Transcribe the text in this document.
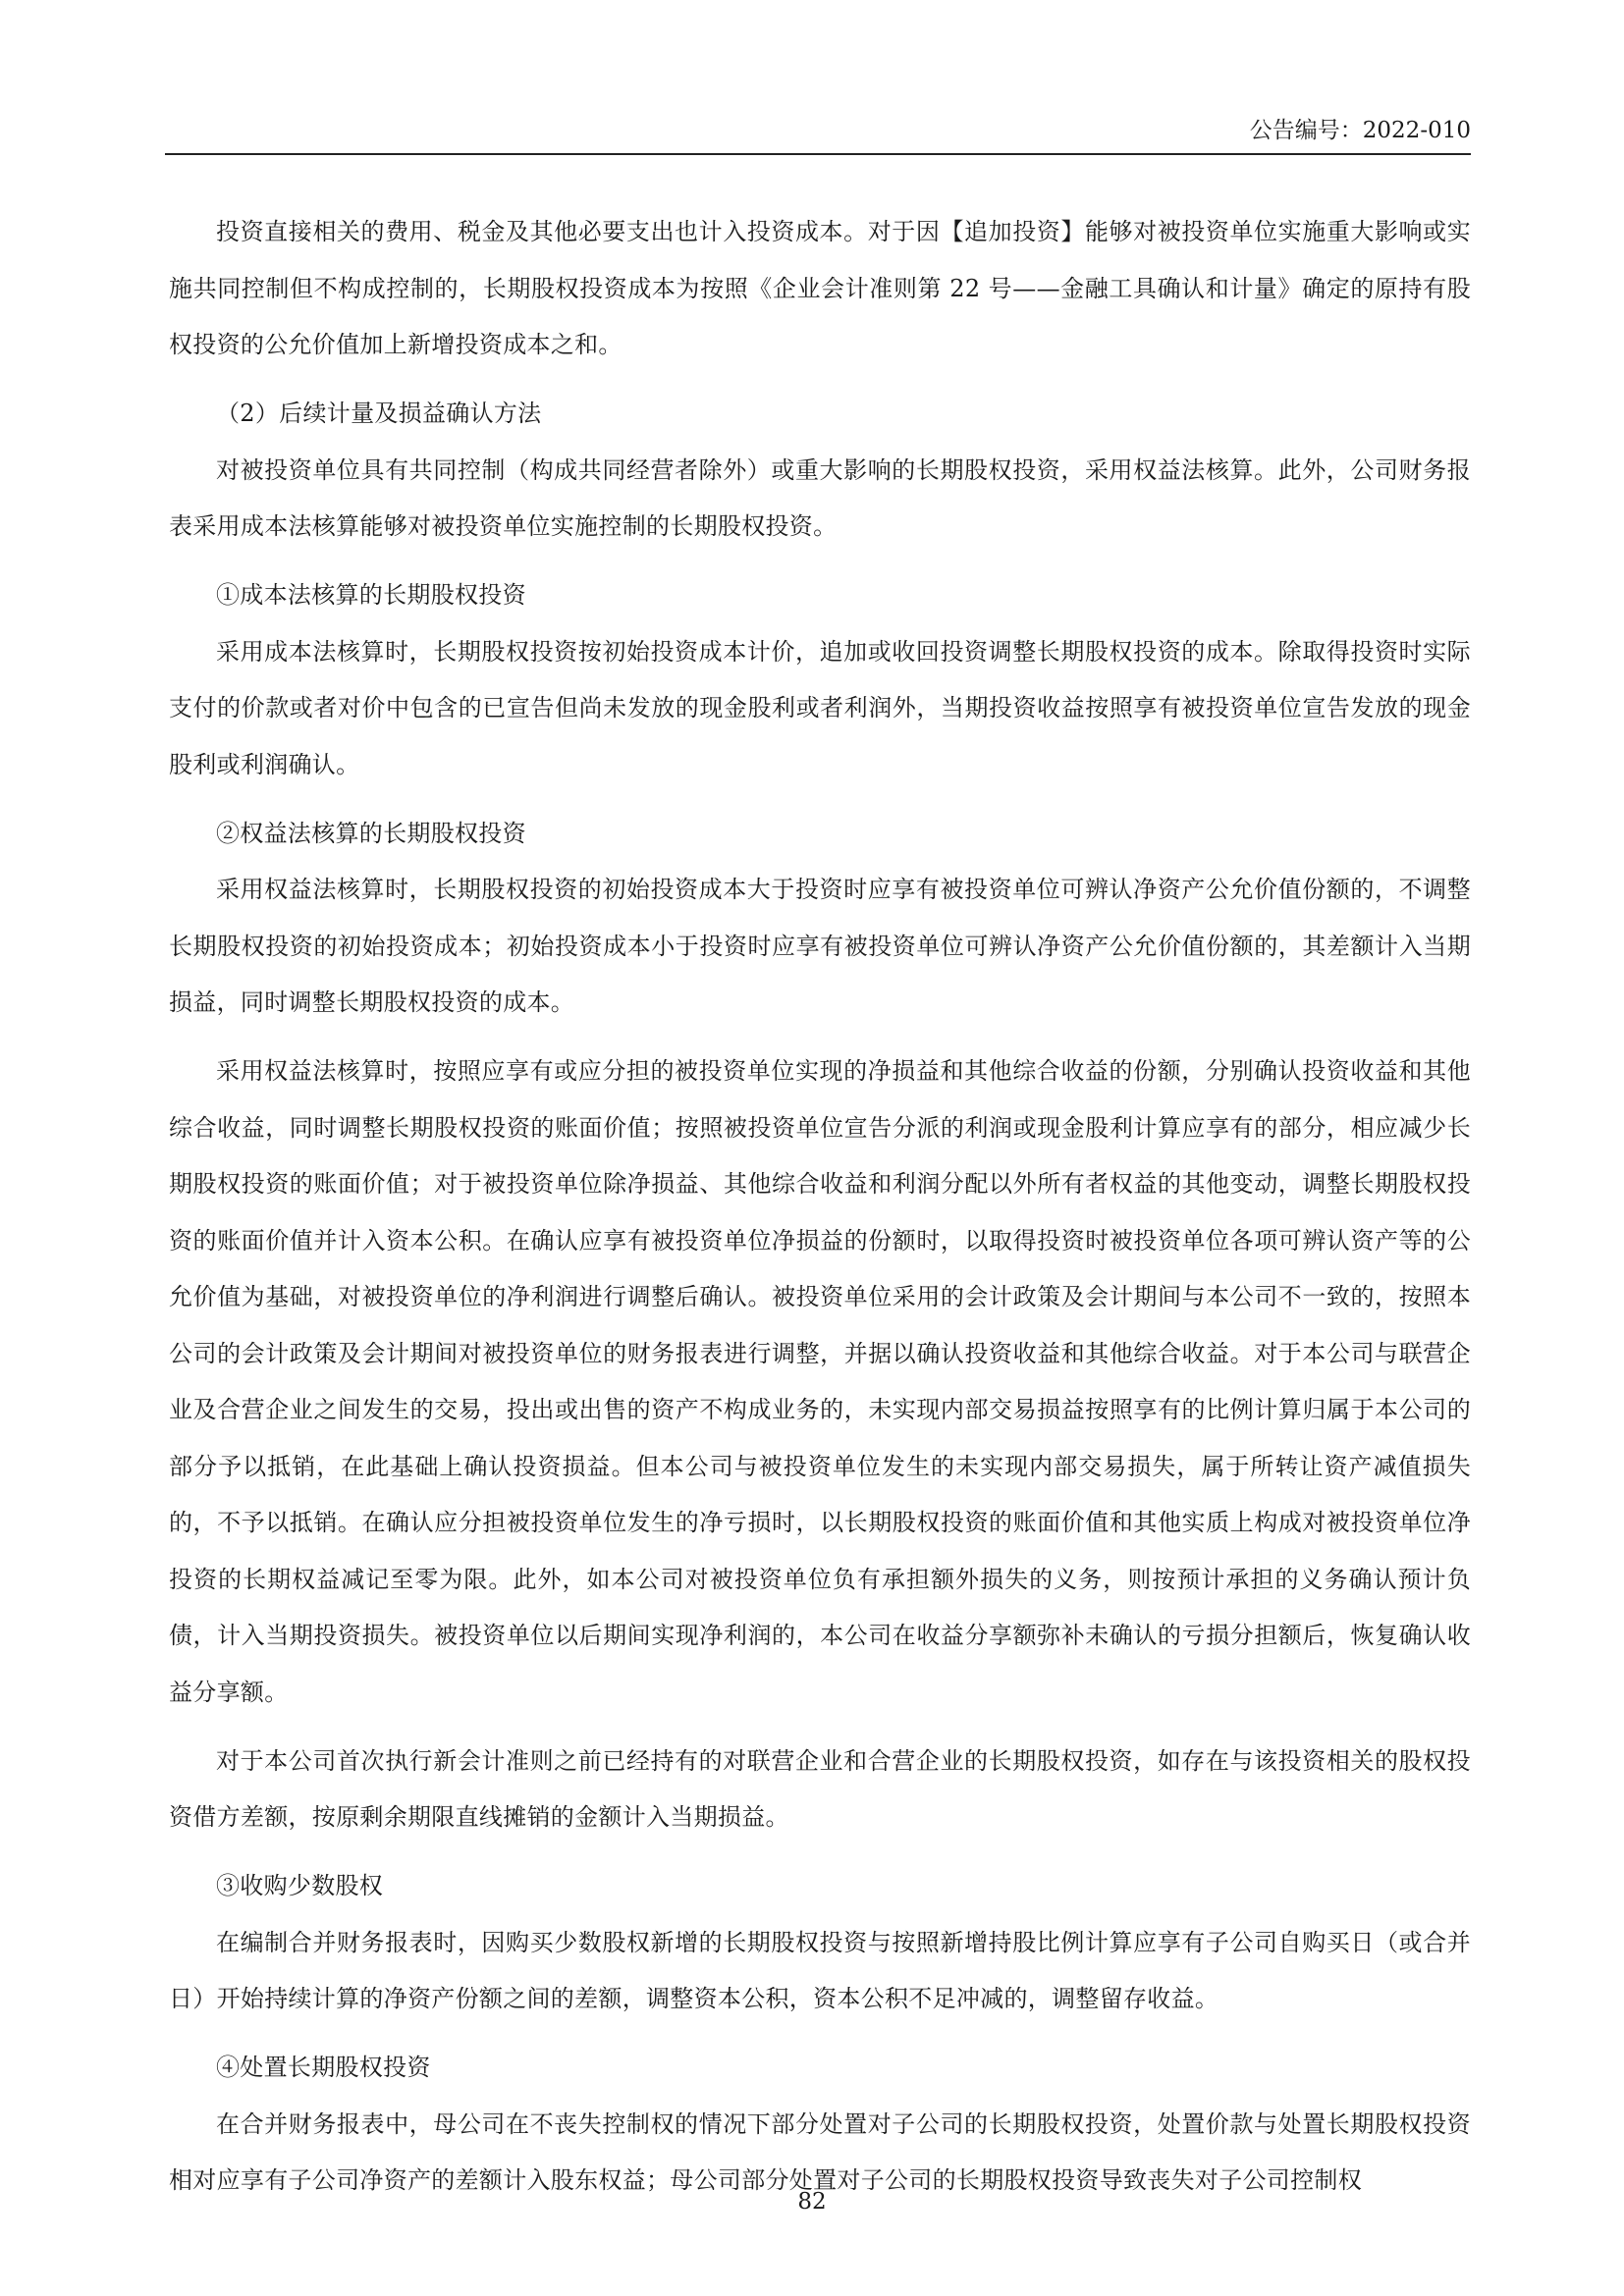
公告编号：2022-010

投资直接相关的费用、税金及其他必要支出也计入投资成本。对于因【追加投资】能够对被投资单位实施重大影响或实施共同控制但不构成控制的，长期股权投资成本为按照《企业会计准则第 22 号——金融工具确认和计量》确定的原持有股权投资的公允价值加上新增投资成本之和。

（2）后续计量及损益确认方法

对被投资单位具有共同控制（构成共同经营者除外）或重大影响的长期股权投资，采用权益法核算。此外，公司财务报表采用成本法核算能够对被投资单位实施控制的长期股权投资。

①成本法核算的长期股权投资

采用成本法核算时，长期股权投资按初始投资成本计价，追加或收回投资调整长期股权投资的成本。除取得投资时实际支付的价款或者对价中包含的已宣告但尚未发放的现金股利或者利润外，当期投资收益按照享有被投资单位宣告发放的现金股利或利润确认。

②权益法核算的长期股权投资

采用权益法核算时，长期股权投资的初始投资成本大于投资时应享有被投资单位可辨认净资产公允价值份额的，不调整长期股权投资的初始投资成本；初始投资成本小于投资时应享有被投资单位可辨认净资产公允价值份额的，其差额计入当期损益，同时调整长期股权投资的成本。

采用权益法核算时，按照应享有或应分担的被投资单位实现的净损益和其他综合收益的份额，分别确认投资收益和其他综合收益，同时调整长期股权投资的账面价值；按照被投资单位宣告分派的利润或现金股利计算应享有的部分，相应减少长期股权投资的账面价值；对于被投资单位除净损益、其他综合收益和利润分配以外所有者权益的其他变动，调整长期股权投资的账面价值并计入资本公积。在确认应享有被投资单位净损益的份额时，以取得投资时被投资单位各项可辨认资产等的公允价值为基础，对被投资单位的净利润进行调整后确认。被投资单位采用的会计政策及会计期间与本公司不一致的，按照本公司的会计政策及会计期间对被投资单位的财务报表进行调整，并据以确认投资收益和其他综合收益。对于本公司与联营企业及合营企业之间发生的交易，投出或出售的资产不构成业务的，未实现内部交易损益按照享有的比例计算归属于本公司的部分予以抵销，在此基础上确认投资损益。但本公司与被投资单位发生的未实现内部交易损失，属于所转让资产减值损失的，不予以抵销。在确认应分担被投资单位发生的净亏损时，以长期股权投资的账面价值和其他实质上构成对被投资单位净投资的长期权益减记至零为限。此外，如本公司对被投资单位负有承担额外损失的义务，则按预计承担的义务确认预计负债，计入当期投资损失。被投资单位以后期间实现净利润的，本公司在收益分享额弥补未确认的亏损分担额后，恢复确认收益分享额。

对于本公司首次执行新会计准则之前已经持有的对联营企业和合营企业的长期股权投资，如存在与该投资相关的股权投资借方差额，按原剩余期限直线摊销的金额计入当期损益。

③收购少数股权

在编制合并财务报表时，因购买少数股权新增的长期股权投资与按照新增持股比例计算应享有子公司自购买日（或合并日）开始持续计算的净资产份额之间的差额，调整资本公积，资本公积不足冲减的，调整留存收益。

④处置长期股权投资

在合并财务报表中，母公司在不丧失控制权的情况下部分处置对子公司的长期股权投资，处置价款与处置长期股权投资相对应享有子公司净资产的差额计入股东权益；母公司部分处置对子公司的长期股权投资导致丧失对子公司控制权

82
